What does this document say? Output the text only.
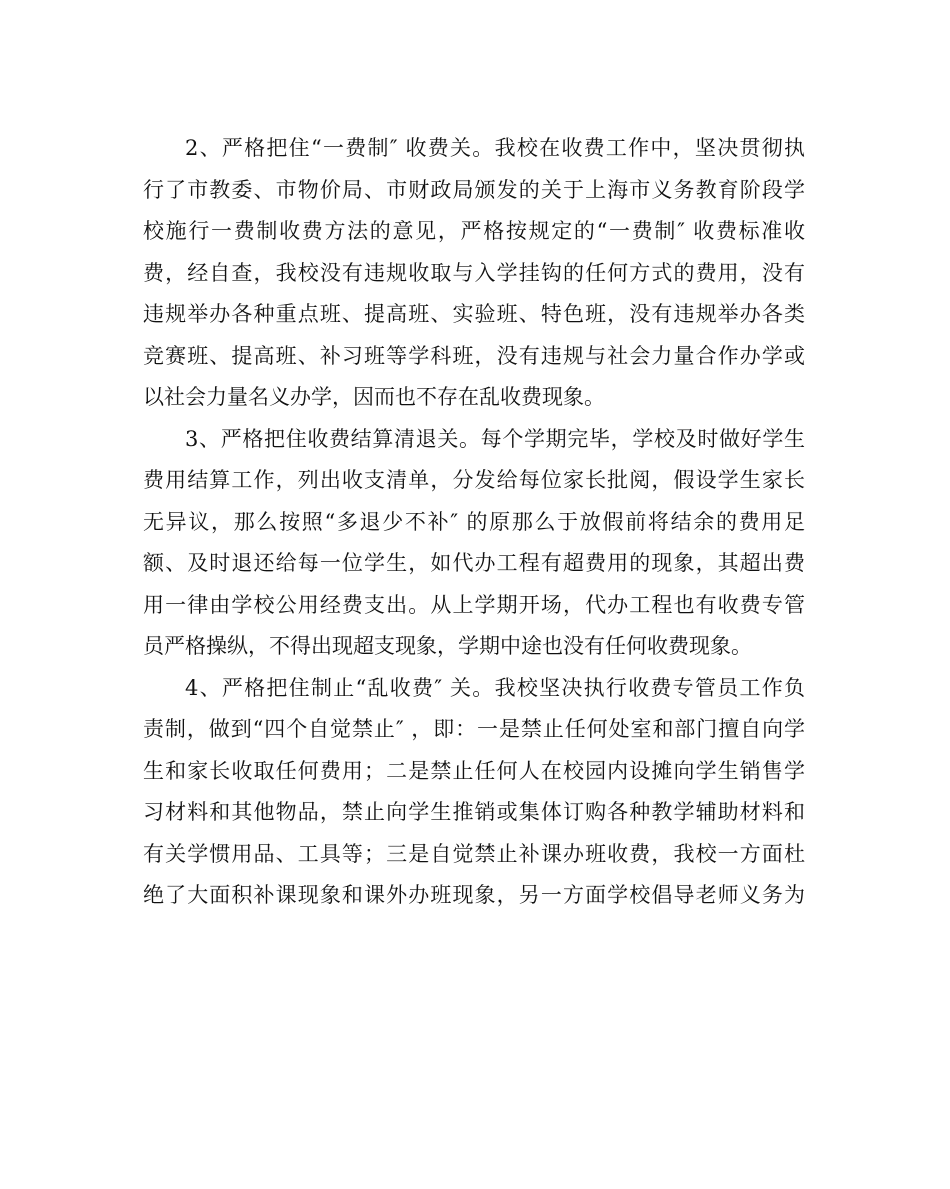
2、严格把住“一费制″ 收费关。我校在收费工作中，坚决贯彻执
行了市教委、市物价局、市财政局颁发的关于上海市义务教育阶段学
校施行一费制收费方法的意见，严格按规定的“一费制″ 收费标准收
费，经自查，我校没有违规收取与入学挂钩的任何方式的费用，没有
违规举办各种重点班、提高班、实验班、特色班，没有违规举办各类
竞赛班、提高班、补习班等学科班，没有违规与社会力量合作办学或
以社会力量名义办学，因而也不存在乱收费现象。

3、严格把住收费结算清退关。每个学期完毕，学校及时做好学生
费用结算工作，列出收支清单，分发给每位家长批阅，假设学生家长
无异议，那么按照“多退少不补″ 的原那么于放假前将结余的费用足
额、及时退还给每一位学生，如代办工程有超费用的现象，其超出费
用一律由学校公用经费支出。从上学期开场，代办工程也有收费专管
员严格操纵，不得出现超支现象，学期中途也没有任何收费现象。

4、严格把住制止“乱收费″ 关。我校坚决执行收费专管员工作负
责制，做到“四个自觉禁止″ ，即：一是禁止任何处室和部门擅自向学
生和家长收取任何费用；二是禁止任何人在校园内设摊向学生销售学
习材料和其他物品，禁止向学生推销或集体订购各种教学辅助材料和
有关学惯用品、工具等；三是自觉禁止补课办班收费，我校一方面杜
绝了大面积补课现象和课外办班现象，另一方面学校倡导老师义务为
